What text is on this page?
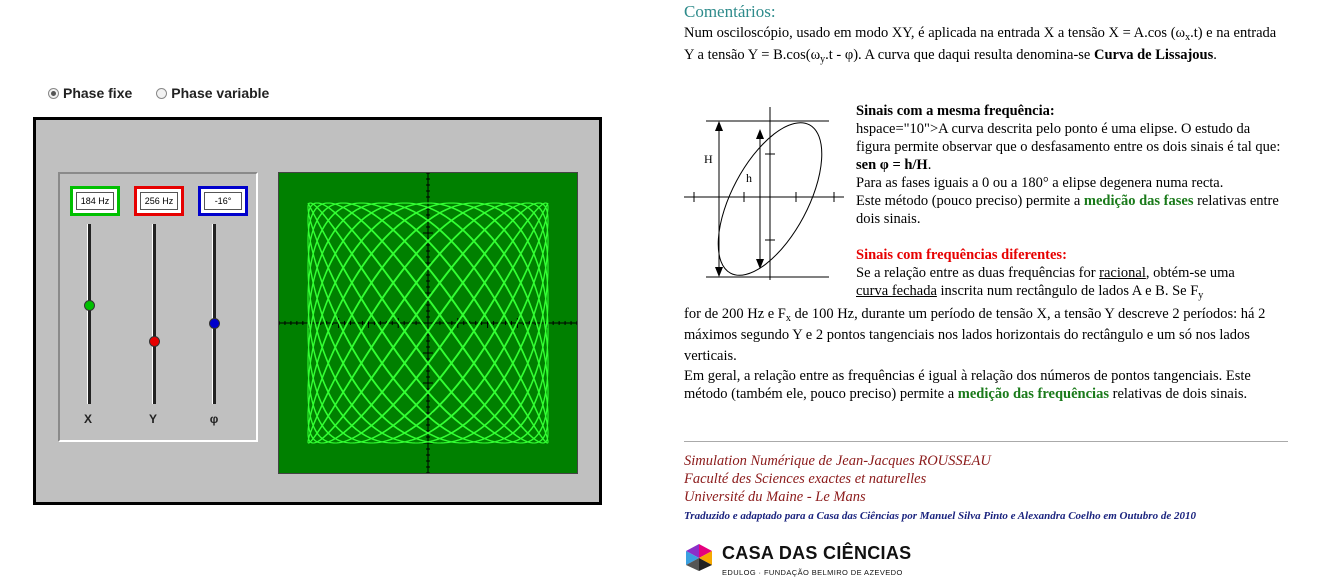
Phase fixe	Phase variable
184 Hz
X
256 Hz
Y
-16°
φ
Comentários:
Num osciloscópio, usado em modo XY, é aplicada na entrada X a tensão X = A.cos $(\omega_x.t)$ e na entrada Y a tensão $Y = B.\cos(\omega_y.t - \varphi)$. A curva que daqui resulta denomina-se Curva de Lissajous.
H
h
Sinais com a mesma frequência:
hspace="10">A curva descrita pelo ponto é uma elipse. O estudo da figura permite observar que o desfasamento entre os dois sinais é tal que: sen φ = h/H.
Para as fases iguais a 0 ou a 180° a elipse degenera numa recta.
Este método (pouco preciso) permite a medição das fases relativas entre dois sinais.
Sinais com frequências diferentes:
Se a relação entre as duas frequências for racional, obtém-se uma
curva fechada inscrita num rectângulo de lados A e B. Se $F_y$
for de 200 Hz e $F_x$ de 100 Hz, durante um período de tensão X, a tensão Y descreve 2 períodos: há 2 máximos segundo Y e 2 pontos tangenciais nos lados horizontais do rectângulo e um só nos lados verticais.
Em geral, a relação entre as frequências é igual à relação dos números de pontos tangenciais. Este método (também ele, pouco preciso) permite a medição das frequências relativas de dois sinais.
Simulation Numérique de Jean-Jacques ROUSSEAU
Faculté des Sciences exactes et naturelles
Université du Maine - Le Mans
Traduzido e adaptado para a Casa das Ciências por Manuel Silva Pinto e Alexandra Coelho em Outubro de 2010
CASA DAS CIÊNCIAS
EDULOG · FUNDAÇÃO BELMIRO DE AZEVEDO
